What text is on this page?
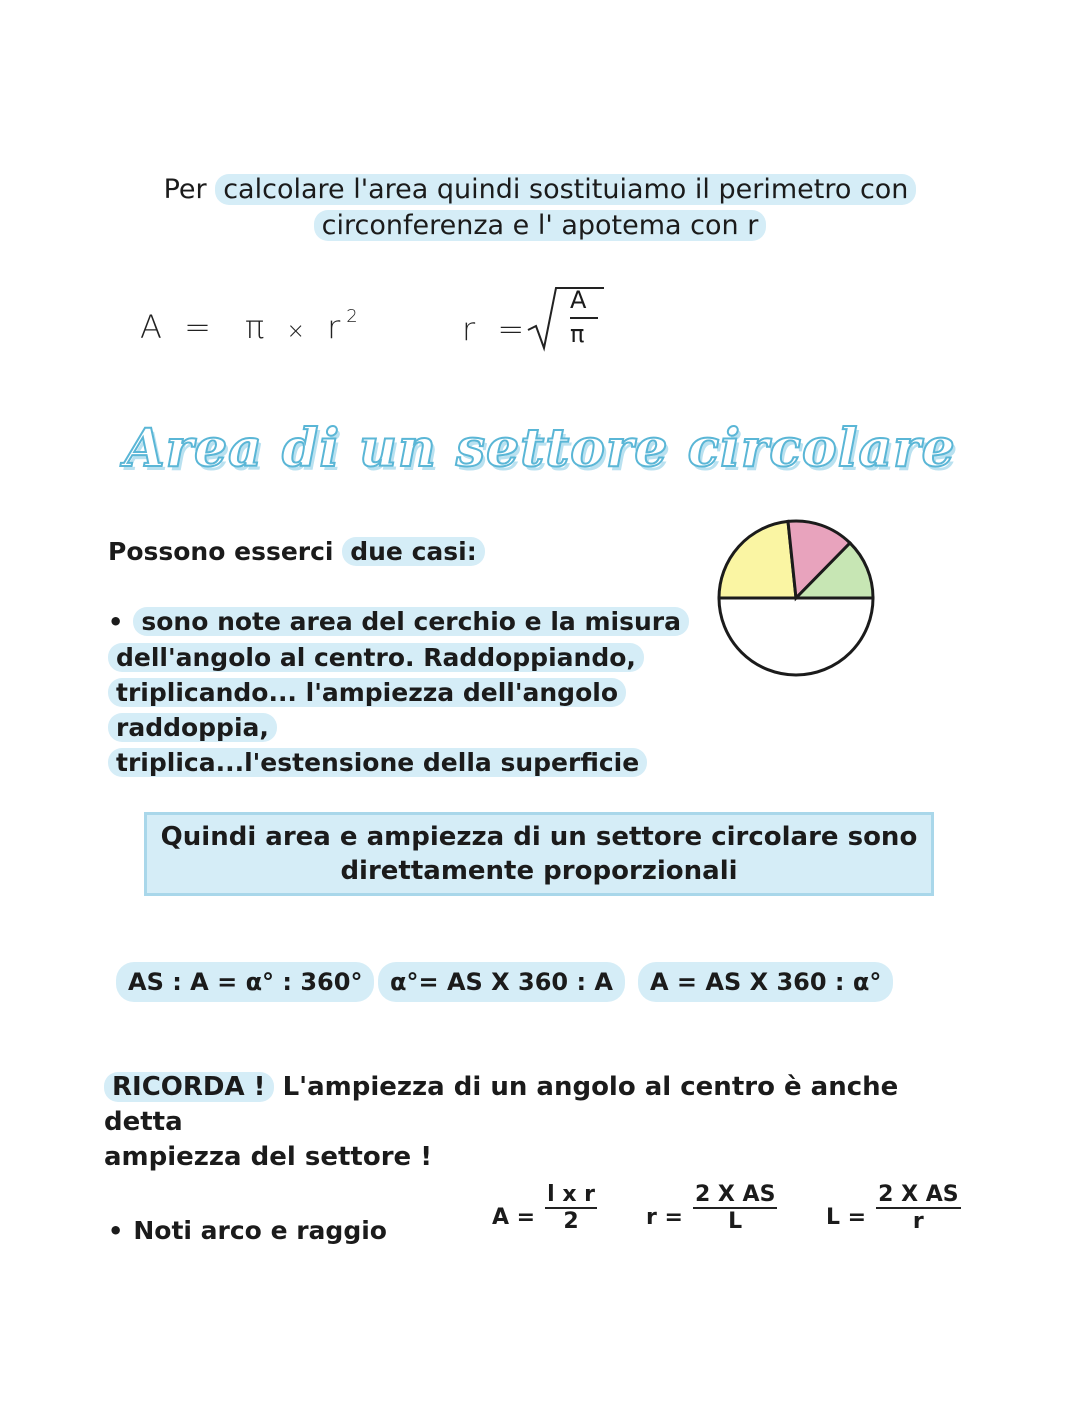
Per calcolare l'area quindi sostituiamo il perimetro con
circonferenza e l' apotema con r
$A = \pi \times r^2$	r =
A
π
Area di un settore circolare
Possono esserci due casi:
• sono note area del cerchio e la misura
dell'angolo al centro. Raddoppiando,
triplicando... l'ampiezza dell'angolo raddoppia,
triplica...l'estensione della superficie
Quindi area e ampiezza di un settore circolare sono
direttamente proporzionali
AS : A = α° : 360°	α°= AS X 360 : A	A = AS X 360 : α°
RICORDA ! L'ampiezza di un angolo al centro è anche detta
ampiezza del settore !
• Noti arco e raggio	$A = \frac{\text{l x r}}{2}$ $r = \frac{\text{2 X AS}}{L}$ $L = \frac{\text{2 X AS}}{r}$
